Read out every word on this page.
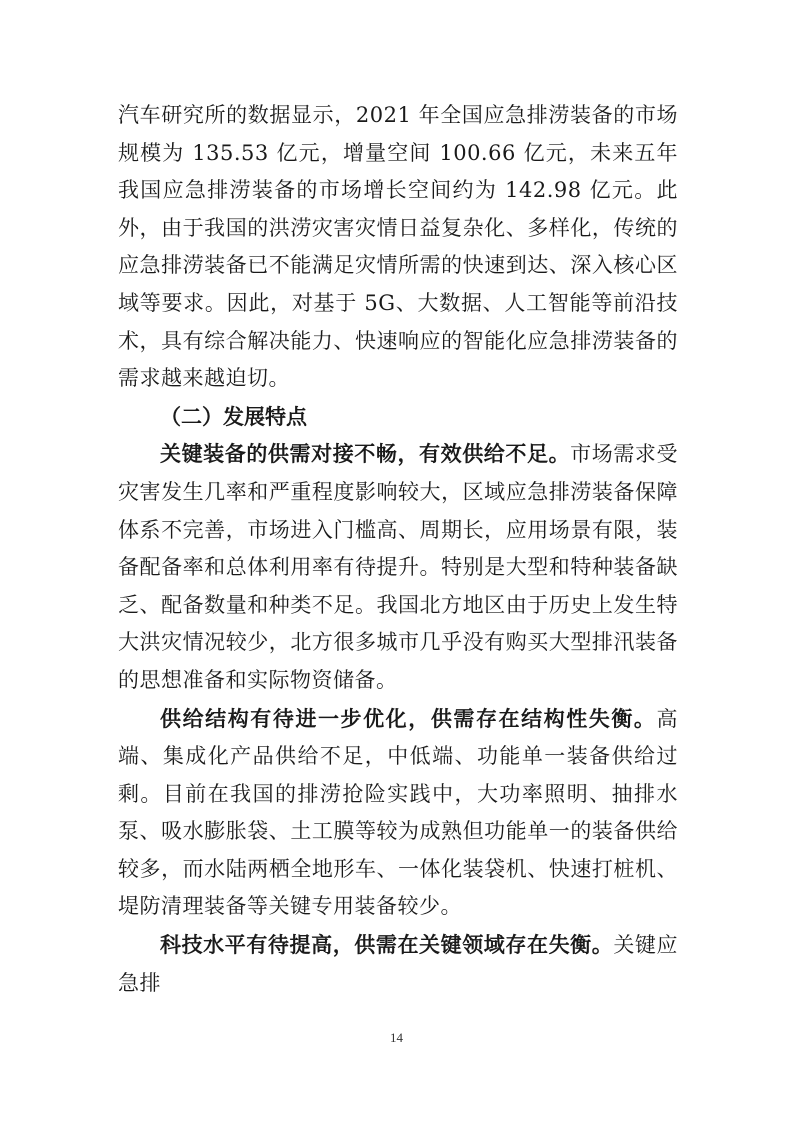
汽车研究所的数据显示，2021 年全国应急排涝装备的市场规模为 135.53 亿元，增量空间 100.66 亿元，未来五年我国应急排涝装备的市场增长空间约为 142.98 亿元。此外，由于我国的洪涝灾害灾情日益复杂化、多样化，传统的应急排涝装备已不能满足灾情所需的快速到达、深入核心区域等要求。因此，对基于 5G、大数据、人工智能等前沿技术，具有综合解决能力、快速响应的智能化应急排涝装备的需求越来越迫切。

（二）发展特点

关键装备的供需对接不畅，有效供给不足。市场需求受灾害发生几率和严重程度影响较大，区域应急排涝装备保障体系不完善，市场进入门槛高、周期长，应用场景有限，装备配备率和总体利用率有待提升。特别是大型和特种装备缺乏、配备数量和种类不足。我国北方地区由于历史上发生特大洪灾情况较少，北方很多城市几乎没有购买大型排汛装备的思想准备和实际物资储备。

供给结构有待进一步优化，供需存在结构性失衡。高端、集成化产品供给不足，中低端、功能单一装备供给过剩。目前在我国的排涝抢险实践中，大功率照明、抽排水泵、吸水膨胀袋、土工膜等较为成熟但功能单一的装备供给较多，而水陆两栖全地形车、一体化装袋机、快速打桩机、堤防清理装备等关键专用装备较少。

科技水平有待提高，供需在关键领域存在失衡。关键应急排

14
